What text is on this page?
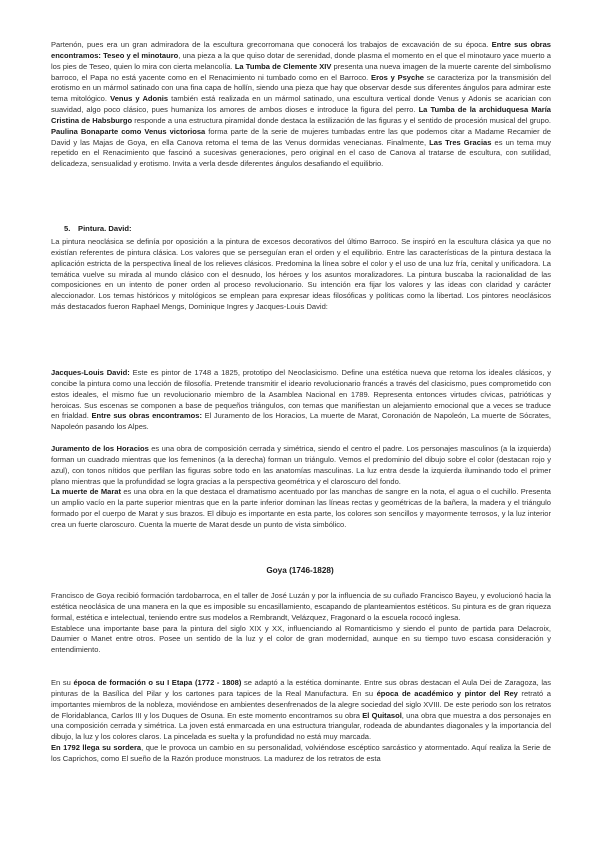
Partenón, pues era un gran admiradora de la escultura grecorromana que conocerá los trabajos de excavación de su época. Entre sus obras encontramos: Teseo y el minotauro, una pieza a la que quiso dotar de serenidad, donde plasma el momento en el que el minotauro yace muerto a los pies de Teseo, quien lo mira con cierta melancolía. La Tumba de Clemente XIV presenta una nueva imagen de la muerte carente del simbolismo barroco, el Papa no está yacente como en el Renacimiento ni tumbado como en el Barroco. Eros y Psyche se caracteriza por la transmisión del erotismo en un mármol satinado con una fina capa de hollín, siendo una pieza que hay que observar desde sus diferentes ángulos para admirar este tema mitológico. Venus y Adonis también está realizada en un mármol satinado, una escultura vertical donde Venus y Adonis se acarician con suavidad, algo poco clásico, pues humaniza los amores de ambos dioses e introduce la figura del perro. La Tumba de la archiduquesa María Cristina de Habsburgo responde a una estructura piramidal donde destaca la estilización de las figuras y el sentido de procesión musical del grupo. Paulina Bonaparte como Venus victoriosa forma parte de la serie de mujeres tumbadas entre las que podemos citar a Madame Recamier de David y las Majas de Goya, en ella Canova retoma el tema de las Venus dormidas venecianas. Finalmente, Las Tres Gracias es un tema muy repetido en el Renacimiento que fascinó a sucesivas generaciones, pero original en el caso de Canova al tratarse de escultura, con sutilidad, delicadeza, sensualidad y erotismo. Invita a verla desde diferentes ángulos desafiando el equilibrio.

5. Pintura. David:

La pintura neoclásica se definía por oposición a la pintura de excesos decorativos del último Barroco. Se inspiró en la escultura clásica ya que no existían referentes de pintura clásica. Los valores que se perseguían eran el orden y el equilibrio. Entre las características de la pintura destaca la aplicación estricta de la perspectiva lineal de los relieves clásicos. Predomina la línea sobre el color y el uso de una luz fría, cenital y unificadora. La temática vuelve su mirada al mundo clásico con el desnudo, los héroes y los asuntos moralizadores. La pintura buscaba la racionalidad de las composiciones en un intento de poner orden al proceso revolucionario. Su intención era fijar los valores y las ideas con claridad y carácter aleccionador. Los temas históricos y mitológicos se emplean para expresar ideas filosóficas y políticas como la libertad. Los pintores neoclásicos más destacados fueron Raphael Mengs, Dominique Ingres y Jacques-Louis David:

Jacques-Louis David: Este es pintor de 1748 a 1825, prototipo del Neoclasicismo. Define una estética nueva que retorna los ideales clásicos, y concibe la pintura como una lección de filosofía. Pretende transmitir el ideario revolucionario francés a través del clasicismo, pues comprometido con estos ideales, el mismo fue un revolucionario miembro de la Asamblea Nacional en 1789. Representa entonces virtudes cívicas, patrióticas y heroicas. Sus escenas se componen a base de pequeños triángulos, con temas que manifiestan un alejamiento emocional que a veces se traduce en frialdad. Entre sus obras encontramos: El Juramento de los Horacios, La muerte de Marat, Coronación de Napoleón, La muerte de Sócrates, Napoleón pasando los Alpes.

Juramento de los Horacios es una obra de composición cerrada y simétrica, siendo el centro el padre. Los personajes masculinos (a la izquierda) forman un cuadrado mientras que los femeninos (a la derecha) forman un triángulo. Vemos el predominio del dibujo sobre el color (destacan rojo y azul), con tonos nítidos que perfilan las figuras sobre todo en las anatomías masculinas. La luz entra desde la izquierda iluminando todo el primer plano mientras que la profundidad se logra gracias a la perspectiva geométrica y el claroscuro del fondo.
La muerte de Marat es una obra en la que destaca el dramatismo acentuado por las manchas de sangre en la nota, el agua o el cuchillo. Presenta un amplio vacío en la parte superior mientras que en la parte inferior dominan las líneas rectas y geométricas de la bañera, la madera y el triángulo formado por el cuerpo de Marat y sus brazos. El dibujo es importante en esta parte, los colores son sencillos y mayormente terrosos, y la luz interior crea un fuerte claroscuro. Cuenta la muerte de Marat desde un punto de vista simbólico.

Goya (1746-1828)

Francisco de Goya recibió formación tardobarroca, en el taller de José Luzán y por la influencia de su cuñado Francisco Bayeu, y evolucionó hacia la estética neoclásica de una manera en la que es imposible su encasillamiento, escapando de planteamientos estéticos. Su pintura es de gran riqueza formal, estética e intelectual, teniendo entre sus modelos a Rembrandt, Velázquez, Fragonard o la escuela rococó inglesa.
Establece una importante base para la pintura del siglo XIX y XX, influenciando al Romanticismo y siendo el punto de partida para Delacroix, Daumier o Manet entre otros. Posee un sentido de la luz y el color de gran modernidad, aunque en su tiempo tuvo escasa consideración y entendimiento.

En su época de formación o su I Etapa (1772 - 1808) se adaptó a la estética dominante. Entre sus obras destacan el Aula Dei de Zaragoza, las pinturas de la Basílica del Pilar y los cartones para tapices de la Real Manufactura. En su época de académico y pintor del Rey retrató a importantes miembros de la nobleza, moviéndose en ambientes desenfrenados de la alegre sociedad del siglo XVIII. De este periodo son los retratos de Floridablanca, Carlos III y los Duques de Osuna. En este momento encontramos su obra El Quitasol, una obra que muestra a dos personajes en una composición cerrada y simétrica. La joven está enmarcada en una estructura triangular, rodeada de abundantes diagonales y la importancia del dibujo, la luz y los colores claros. La pincelada es suelta y la profundidad no está muy marcada.
En 1792 llega su sordera, que le provoca un cambio en su personalidad, volviéndose escéptico sarcástico y atormentado. Aquí realiza la Serie de los Caprichos, como El sueño de la Razón produce monstruos. La madurez de los retratos de esta
